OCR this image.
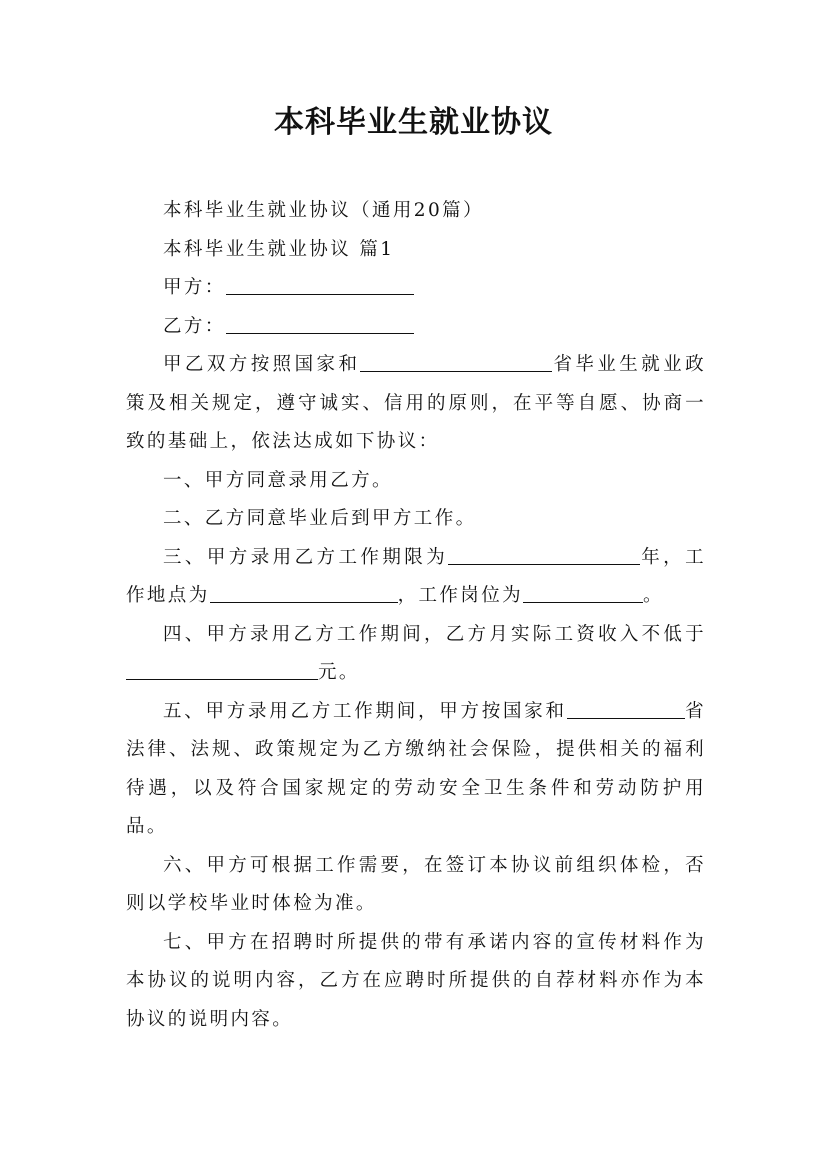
本科毕业生就业协议

本科毕业生就业协议（通用20篇）

本科毕业生就业协议 篇1

甲方：

乙方：

甲乙双方按照国家和	省毕业生就业政策及相关规定，遵守诚实、信用的原则，在平等自愿、协商一致的基础上，依法达成如下协议：

一、甲方同意录用乙方。

二、乙方同意毕业后到甲方工作。

三、甲方录用乙方工作期限为	年，工作地点为	，工作岗位为	。

四、甲方录用乙方工作期间，乙方月实际工资收入不低于元。

五、甲方录用乙方工作期间，甲方按国家和	省法律、法规、政策规定为乙方缴纳社会保险，提供相关的福利待遇，以及符合国家规定的劳动安全卫生条件和劳动防护用品。

六、甲方可根据工作需要，在签订本协议前组织体检，否则以学校毕业时体检为准。

七、甲方在招聘时所提供的带有承诺内容的宣传材料作为本协议的说明内容，乙方在应聘时所提供的自荐材料亦作为本协议的说明内容。
